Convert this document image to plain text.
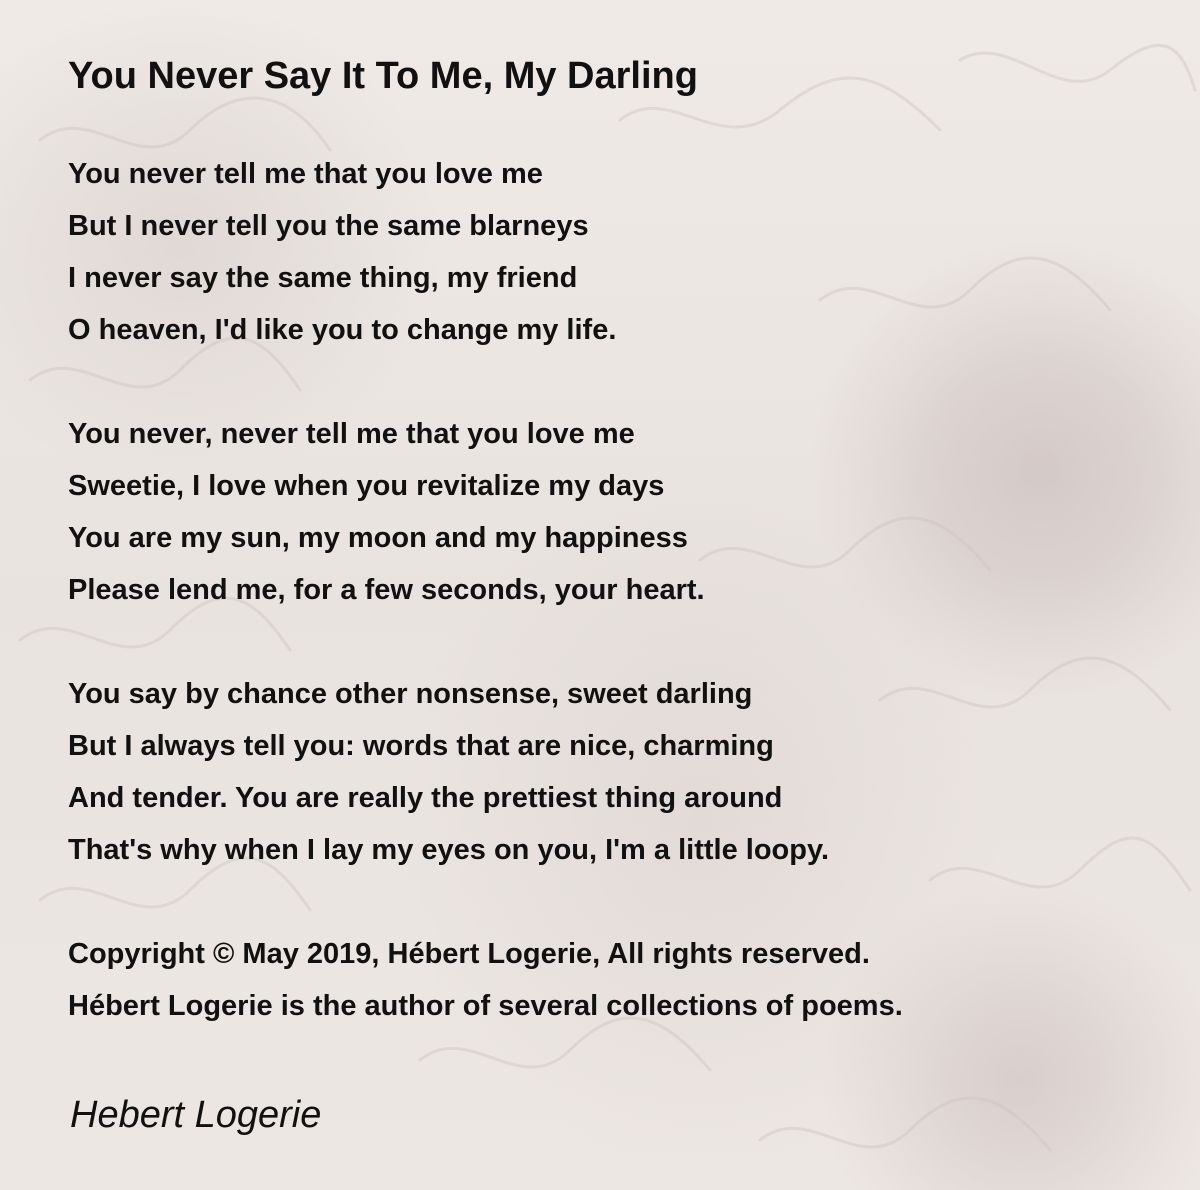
You Never Say It To Me, My Darling
You never tell me that you love me
But I never tell you the same blarneys
I never say the same thing, my friend
O heaven, I'd like you to change my life.
You never, never tell me that you love me
Sweetie, I love when you revitalize my days
You are my sun, my moon and my happiness
Please lend me, for a few seconds, your heart.
You say by chance other nonsense, sweet darling
But I always tell you: words that are nice, charming
And tender. You are really the prettiest thing around
That's why when I lay my eyes on you, I'm a little loopy.
Copyright © May 2019, Hébert Logerie, All rights reserved.
Hébert Logerie is the author of several collections of poems.
Hebert Logerie
